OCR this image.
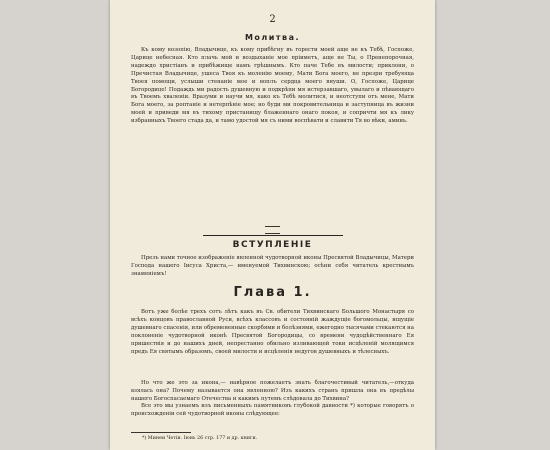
2
Молитва.
Къ кому возопiю, Владычице, къ кому прибѣгну въ горести моей аще не къ Тебѣ, Госпоже, Царице небесная. Кто плачь мой и воздыханiе мое прiиметъ, аще не Ты, о Пренепорочная, надеждо христiанъ и прибѣжище намъ грѣшнымъ. Кто паче Тебе въ милости; приклони, о Пречистая Владычице, ушеса Твоя къ моленiю моему, Мати Бога моего, не презри требующа Твоея помощи, услыши стенанiе мое и воплъ сердца моего внуши. О, Госпоже, Царице Богородице! Подаждь ми радость душевную и подкрѣпи мя истерзавшаго, увылаго и пѣвающаго въ Твоемъ хваленiи. Вразуми и научи мя, како къ Тебѣ молитися, и неотступи отъ мене, Мати Бога моего, за роптанiе и нетерпѣнiе мое; но буди ми покровительница и заступница въ жизни моей и приведи мя въ тихому пристанищу блаженнаго онаго покоя, и сопричти мя къ лику избранныхъ Твоего стада да, и тамо удостой мя съ ними воспѣвати и славити Тя во вѣки, аминь.
ВСТУПЛЕНIЕ
Презъ нами точное изображенiе явленной чудотворной иконы Пресвятой Владычицы, Матери Господа нашего Iисуса Христа,— именуемой Тихвинскою; осѣни себя читатель крестнымъ знаменiемъ!
Глава 1.
Вотъ уже болѣе трехъ сотъ лѣтъ какъ въ Св. обители Тихвинскаго Большого Монастыря со всѣхъ концовъ православной Руси, всѣхъ классовъ и состоянiй жаждущiе богомольцы, ищущiе душевнаго спасенiя, или обремененные скорбями и болѣзнями, ежегодно тысячами стекаются на поклоненiе чудотворной иконѣ Пресвятой Богородицы, со времени чудодѣйственнаго Ея пришествiя и до нашихъ дней, непрестанно обильно изливающей токи исцѣленiй молящимся предъ Ея святымъ образомъ, своей милости и исцѣленiя недугов душевныхъ и тѣлесныхъ.
Но что же это за икона,— навѣрное пожелаетъ знать благочестивый читатель,—откуда взялась она? Почему называется она явленною? Изъ какихъ странъ пришла она въ предѣлы нашего Богоспасаемаго Отечества и какимъ путемъ слѣдовала до Тихвина?
Все это мы узнаемъ изъ письменныхъ памятниковъ глубокой давности *) которые говорятъ о происхожденiи сей чудотворной иконы слѣдующее:
*) Минеи Четiи. Iюнь 26 стр. 177 и др. книги.
